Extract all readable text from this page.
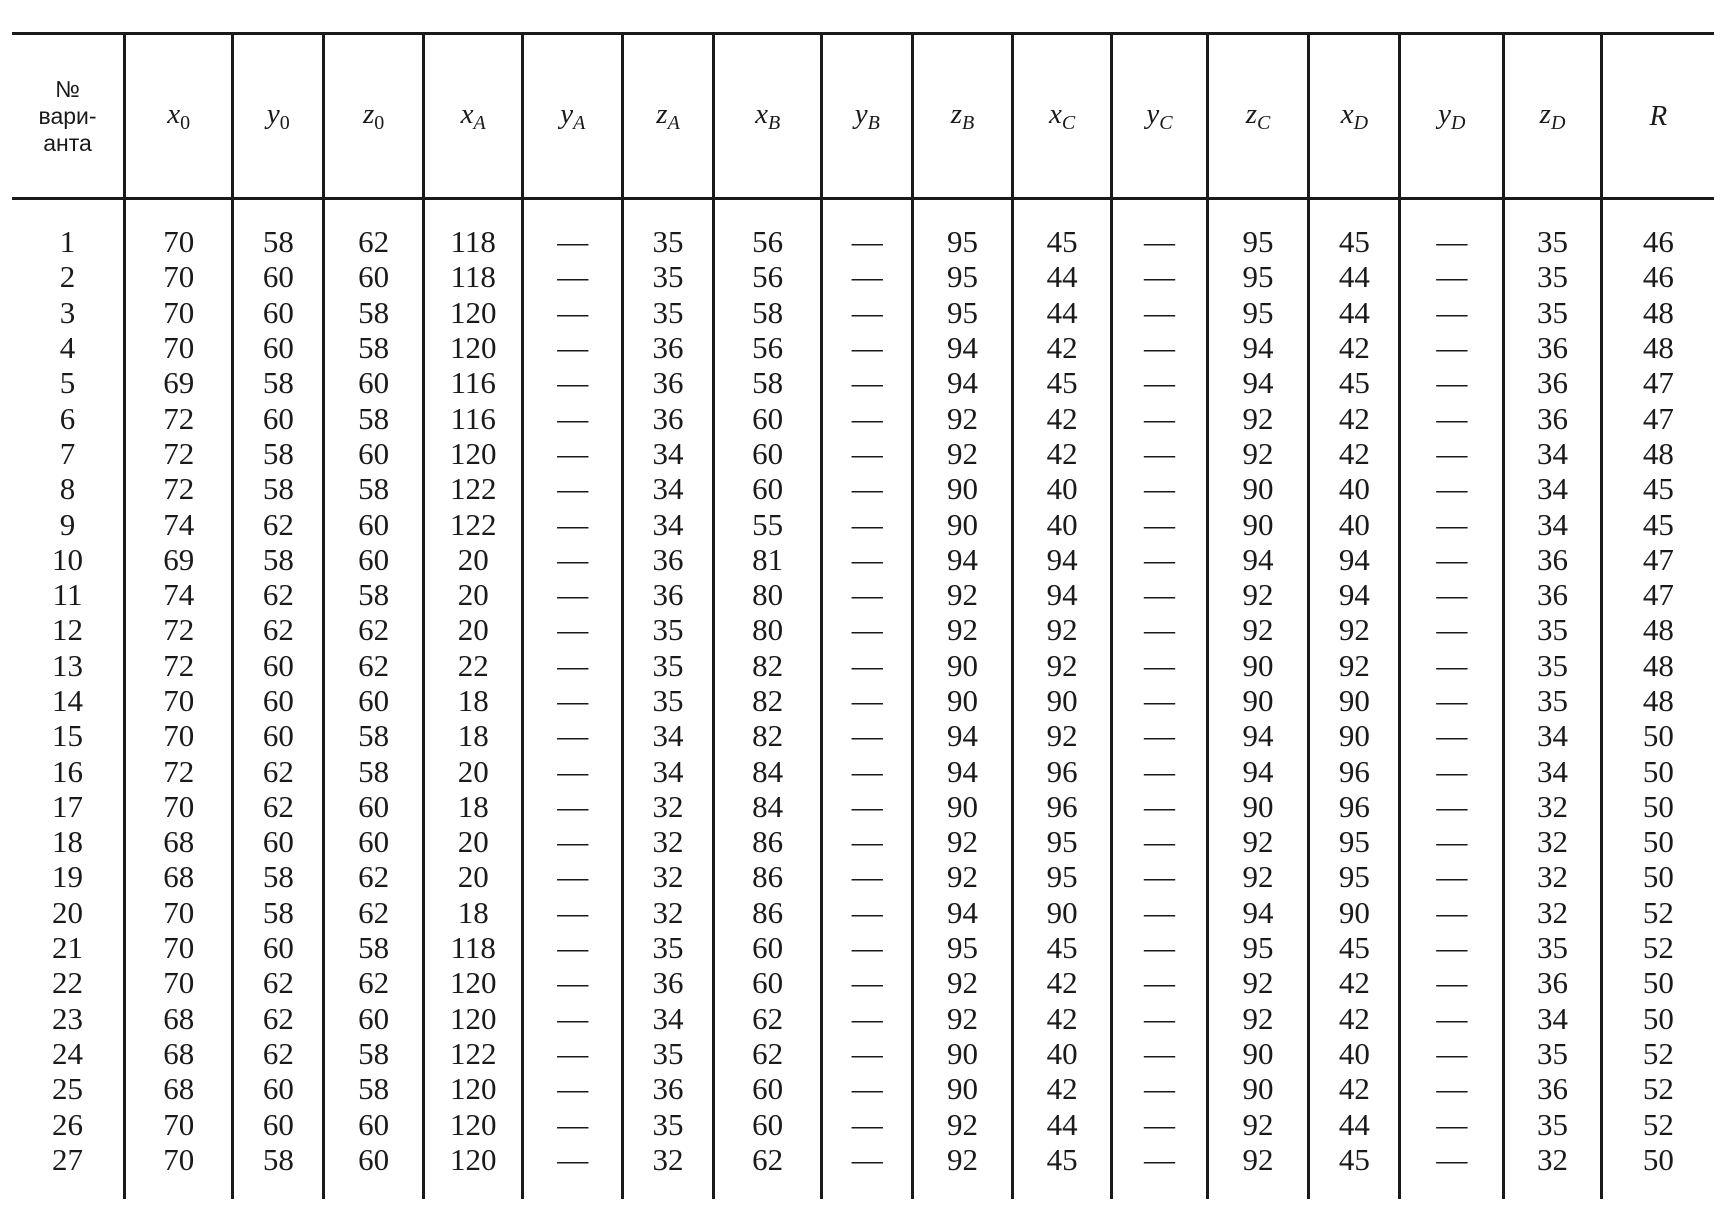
№
вари-
анта	$x_0$	$y_0$	$z_0$	$x_A$	$y_A$	$z_A$	$x_B$	$y_B$	$z_B$	$x_C$	$y_C$	$z_C$	$x_D$	$y_D$	$z_D$	R
1	70	58	62	118	—	35	56	—	95	45	—	95	45	—	35	46
2	70	60	60	118	—	35	56	—	95	44	—	95	44	—	35	46
3	70	60	58	120	—	35	58	—	95	44	—	95	44	—	35	48
4	70	60	58	120	—	36	56	—	94	42	—	94	42	—	36	48
5	69	58	60	116	—	36	58	—	94	45	—	94	45	—	36	47
6	72	60	58	116	—	36	60	—	92	42	—	92	42	—	36	47
7	72	58	60	120	—	34	60	—	92	42	—	92	42	—	34	48
8	72	58	58	122	—	34	60	—	90	40	—	90	40	—	34	45
9	74	62	60	122	—	34	55	—	90	40	—	90	40	—	34	45
10	69	58	60	20	—	36	81	—	94	94	—	94	94	—	36	47
11	74	62	58	20	—	36	80	—	92	94	—	92	94	—	36	47
12	72	62	62	20	—	35	80	—	92	92	—	92	92	—	35	48
13	72	60	62	22	—	35	82	—	90	92	—	90	92	—	35	48
14	70	60	60	18	—	35	82	—	90	90	—	90	90	—	35	48
15	70	60	58	18	—	34	82	—	94	92	—	94	90	—	34	50
16	72	62	58	20	—	34	84	—	94	96	—	94	96	—	34	50
17	70	62	60	18	—	32	84	—	90	96	—	90	96	—	32	50
18	68	60	60	20	—	32	86	—	92	95	—	92	95	—	32	50
19	68	58	62	20	—	32	86	—	92	95	—	92	95	—	32	50
20	70	58	62	18	—	32	86	—	94	90	—	94	90	—	32	52
21	70	60	58	118	—	35	60	—	95	45	—	95	45	—	35	52
22	70	62	62	120	—	36	60	—	92	42	—	92	42	—	36	50
23	68	62	60	120	—	34	62	—	92	42	—	92	42	—	34	50
24	68	62	58	122	—	35	62	—	90	40	—	90	40	—	35	52
25	68	60	58	120	—	36	60	—	90	42	—	90	42	—	36	52
26	70	60	60	120	—	35	60	—	92	44	—	92	44	—	35	52
27	70	58	60	120	—	32	62	—	92	45	—	92	45	—	32	50
